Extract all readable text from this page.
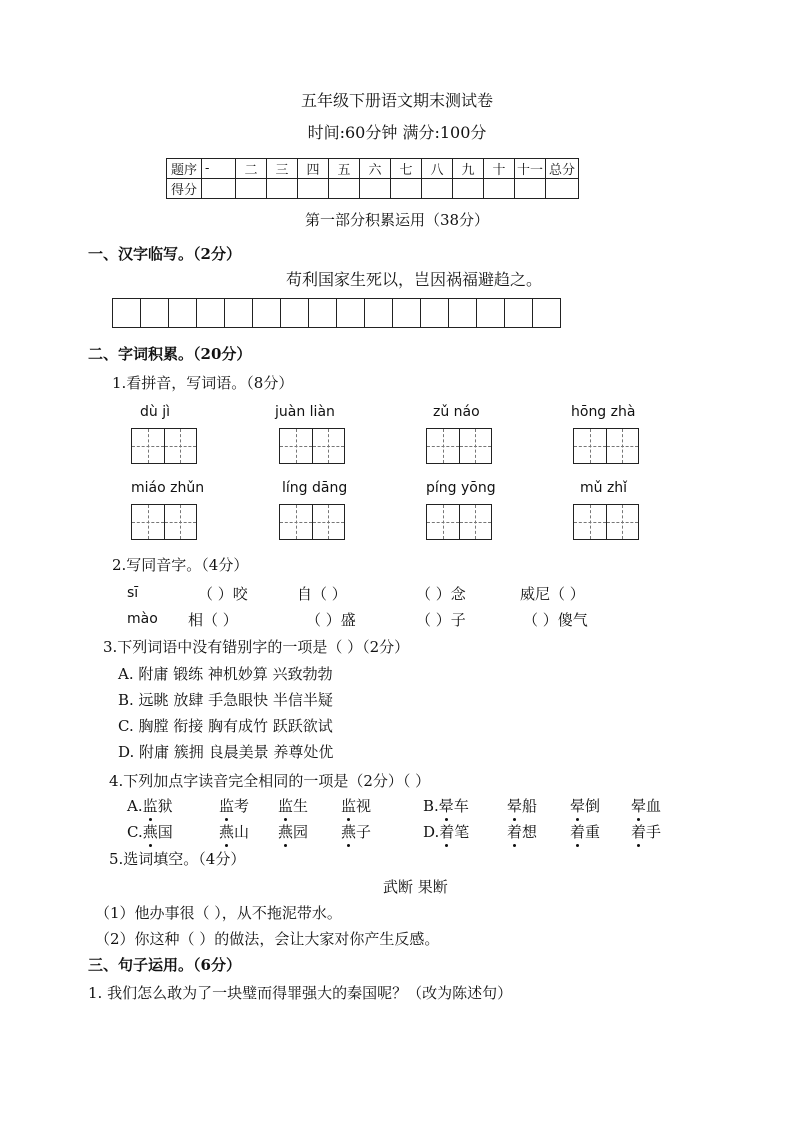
五年级下册语文期末测试卷
时间:60分钟 满分:100分
题序	-	二	三	四	五	六	七	八	九	十	十一	总分
得分												
第一部分积累运用（38分）
一、汉字临写。（2分）
苟利国家生死以，岂因祸福避趋之。
二、字词积累。（20分）
1.看拼音，写词语。（8分）
dù jì	juàn liàn	zǔ náo	hōng zhà
miáo zhǔn	líng dāng	píng yōng	mǔ zhǐ
2.写同音字。（4分）
sī	（ ）咬	自（ ）	（ ）念	威尼（ ）
mào 相（ ）	（ ）盛	（ ）子	（ ）傻气
3.下列词语中没有错别字的一项是（ ）（2分）
A. 附庸 锻练 神机妙算 兴致勃勃
B. 远眺 放肆 手急眼快 半信半疑
C. 胸膛 衔接 胸有成竹 跃跃欲试
D. 附庸 簇拥 良晨美景 养尊处优
4.下列加点字读音完全相同的一项是（2分）（ ）
A.监狱	监考 监生 监视	B.晕车	晕船 晕倒 晕血
C.燕国	燕山 燕园 燕子	D.着笔	着想 着重 着手
5.选词填空。（4分）
武断 果断
（1）他办事很（ ），从不拖泥带水。
（2）你这种（ ）的做法，会让大家对你产生反感。
三、句子运用。（6分）
1. 我们怎么敢为了一块璧而得罪强大的秦国呢？（改为陈述句）
